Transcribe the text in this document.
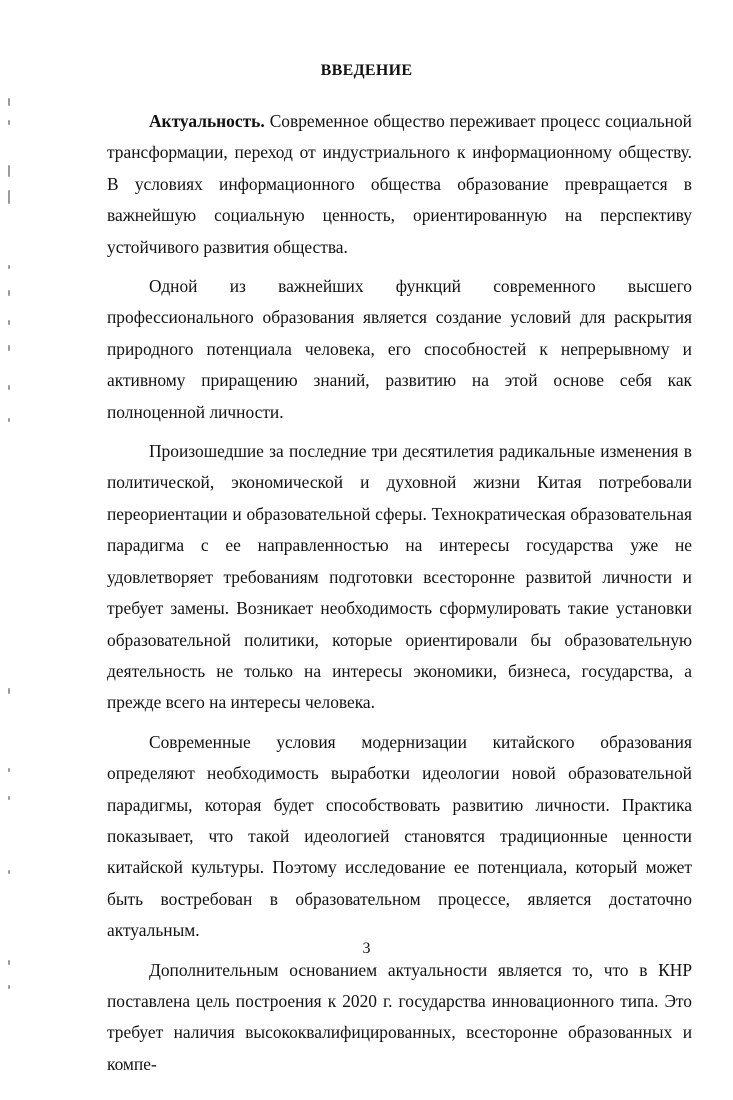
ВВЕДЕНИЕ

Актуальность. Современное общество переживает процесс социальной трансформации, переход от индустриального к информационному обществу. В условиях информационного общества образование превращается в важнейшую социальную ценность, ориентированную на перспективу устойчивого развития общества.

Одной из важнейших функций современного высшего профессионального образования является создание условий для раскрытия природного потенциала человека, его способностей к непрерывному и активному приращению знаний, развитию на этой основе себя как полноценной личности.

Произошедшие за последние три десятилетия радикальные изменения в политической, экономической и духовной жизни Китая потребовали переориентации и образовательной сферы. Технократическая образовательная парадигма с ее направленностью на интересы государства уже не удовлетворяет требованиям подготовки всесторонне развитой личности и требует замены. Возникает необходимость сформулировать такие установки образовательной политики, которые ориентировали бы образовательную деятельность не только на интересы экономики, бизнеса, государства, а прежде всего на интересы человека.

Современные условия модернизации китайского образования определяют необходимость выработки идеологии новой образовательной парадигмы, которая будет способствовать развитию личности. Практика показывает, что такой идеологией становятся традиционные ценности китайской культуры. Поэтому исследование ее потенциала, который может быть востребован в образовательном процессе, является достаточно актуальным.

Дополнительным основанием актуальности является то, что в КНР поставлена цель построения к 2020 г. государства инновационного типа. Это требует наличия высококвалифицированных, всесторонне образованных и компе-

3
